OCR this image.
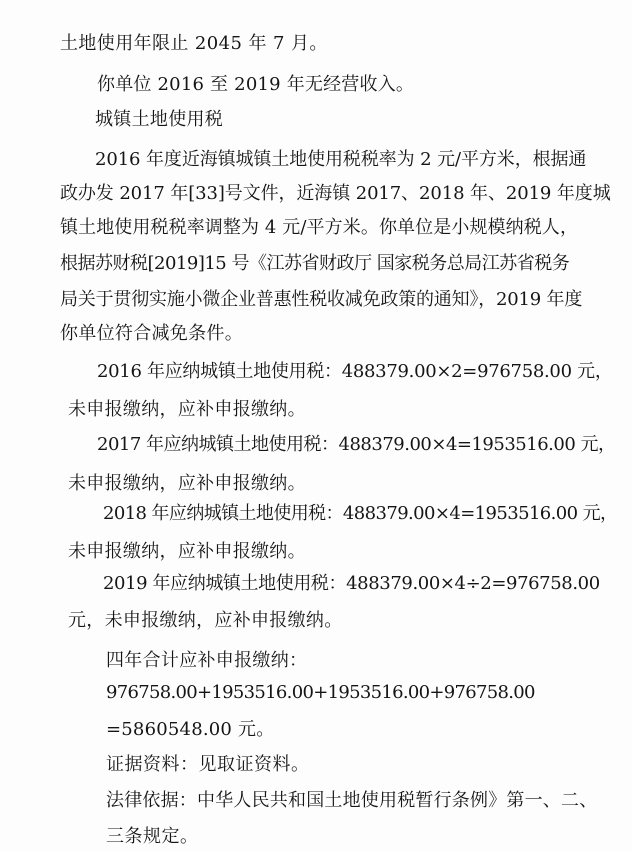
土地使用年限止 2045 年 7 月。
你单位 2016 至 2019 年无经营收入。
城镇土地使用税
2016 年度近海镇城镇土地使用税税率为 2 元/平方米，根据通
政办发 2017 年[33]号文件，近海镇 2017、2018 年、2019 年度城
镇土地使用税税率调整为 4 元/平方米。你单位是小规模纳税人，
根据苏财税[2019]15 号《江苏省财政厅 国家税务总局江苏省税务
局关于贯彻实施小微企业普惠性税收减免政策的通知》，2019 年度
你单位符合减免条件。
2016 年应纳城镇土地使用税：488379.00×2=976758.00 元，
未申报缴纳，应补申报缴纳。
2017 年应纳城镇土地使用税：488379.00×4=1953516.00 元，
未申报缴纳，应补申报缴纳。
2018 年应纳城镇土地使用税：488379.00×4=1953516.00 元，
未申报缴纳，应补申报缴纳。
2019 年应纳城镇土地使用税：488379.00×4÷2=976758.00
元，未申报缴纳，应补申报缴纳。
四年合计应补申报缴纳：
976758.00+1953516.00+1953516.00+976758.00
=5860548.00 元。
证据资料：见取证资料。
法律依据：中华人民共和国土地使用税暂行条例》第一、二、
三条规定。
